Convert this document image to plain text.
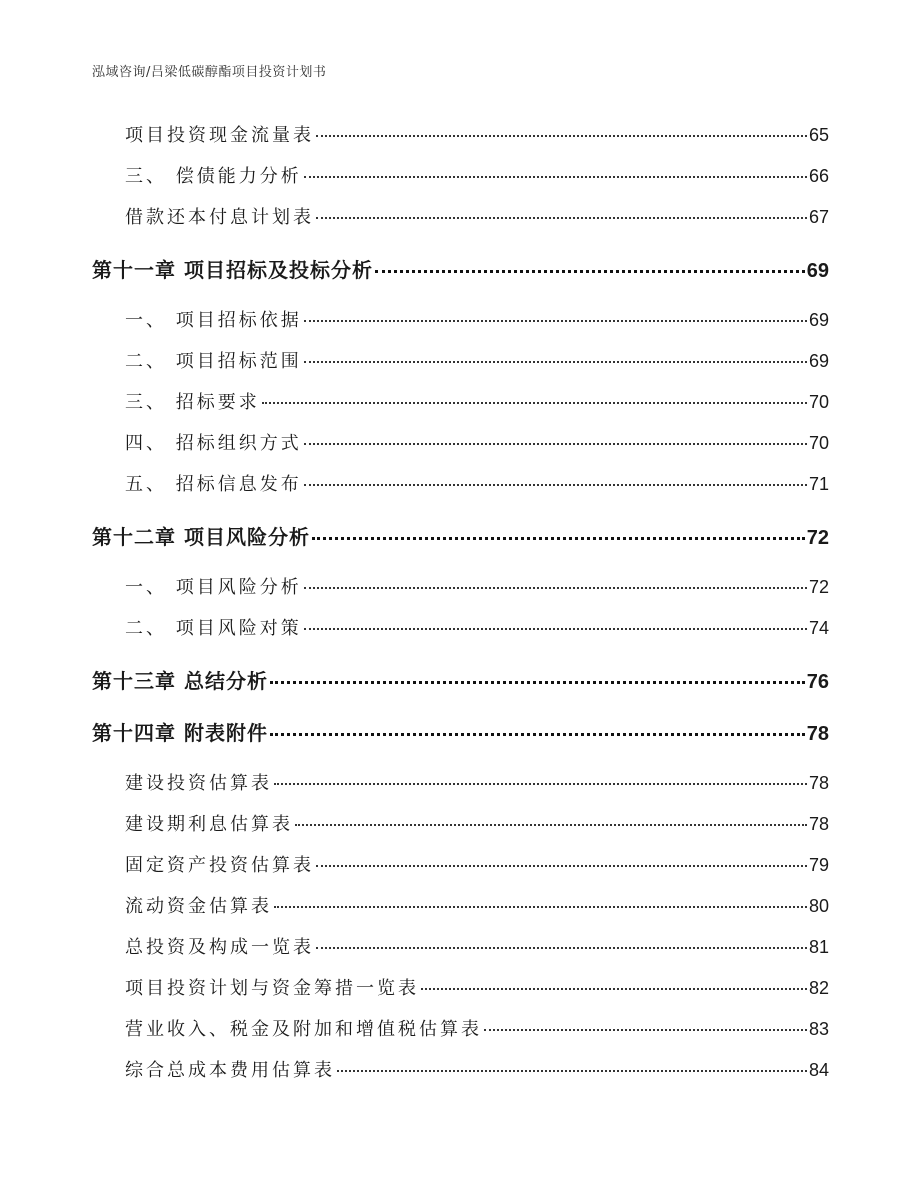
泓域咨询/吕梁低碳醇酯项目投资计划书
项目投资现金流量表	65
三、 偿债能力分析	66
借款还本付息计划表	67
第十一章 项目招标及投标分析	69
一、 项目招标依据	69
二、 项目招标范围	69
三、 招标要求	70
四、 招标组织方式	70
五、 招标信息发布	71
第十二章 项目风险分析	72
一、 项目风险分析	72
二、 项目风险对策	74
第十三章 总结分析	76
第十四章 附表附件	78
建设投资估算表	78
建设期利息估算表	78
固定资产投资估算表	79
流动资金估算表	80
总投资及构成一览表	81
项目投资计划与资金筹措一览表	82
营业收入、税金及附加和增值税估算表	83
综合总成本费用估算表	84
